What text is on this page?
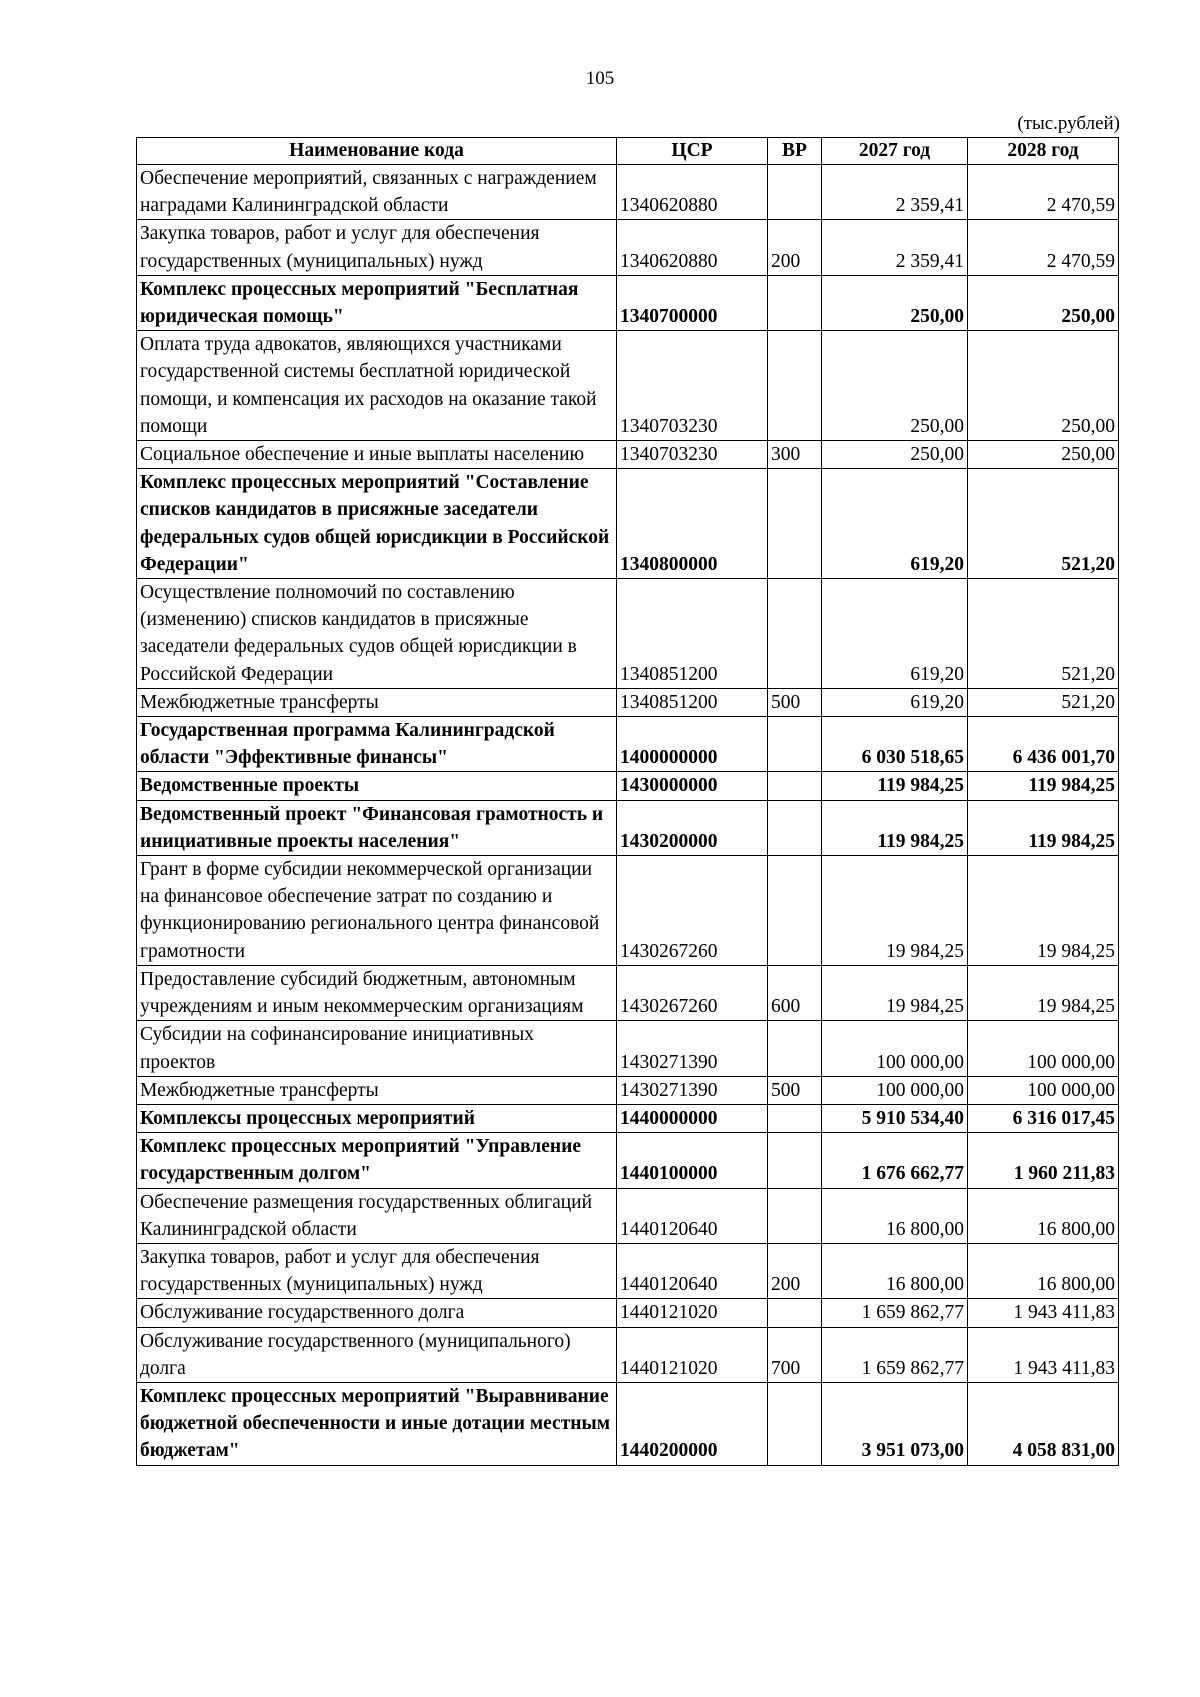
105
(тыс.рублей)
Наименование кода	ЦСР	ВР	2027 год	2028 год
Обеспечение мероприятий, связанных с награждением наградами Калининградской области	1340620880		2 359,41	2 470,59
Закупка товаров, работ и услуг для обеспечения государственных (муниципальных) нужд	1340620880	200	2 359,41	2 470,59
Комплекс процессных мероприятий "Бесплатная юридическая помощь"	1340700000		250,00	250,00
Оплата труда адвокатов, являющихся участниками государственной системы бесплатной юридической помощи, и компенсация их расходов на оказание такой помощи	1340703230		250,00	250,00
Социальное обеспечение и иные выплаты населению	1340703230	300	250,00	250,00
Комплекс процессных мероприятий "Составление списков кандидатов в присяжные заседатели федеральных судов общей юрисдикции в Российской Федерации"	1340800000		619,20	521,20
Осуществление полномочий по составлению (изменению) списков кандидатов в присяжные заседатели федеральных судов общей юрисдикции в Российской Федерации	1340851200		619,20	521,20
Межбюджетные трансферты	1340851200	500	619,20	521,20
Государственная программа Калининградской области "Эффективные финансы"	1400000000		6 030 518,65	6 436 001,70
Ведомственные проекты	1430000000		119 984,25	119 984,25
Ведомственный проект "Финансовая грамотность и инициативные проекты населения"	1430200000		119 984,25	119 984,25
Грант в форме субсидии некоммерческой организации на финансовое обеспечение затрат по созданию и функционированию регионального центра финансовой грамотности	1430267260		19 984,25	19 984,25
Предоставление субсидий бюджетным, автономным учреждениям и иным некоммерческим организациям	1430267260	600	19 984,25	19 984,25
Субсидии на софинансирование инициативных проектов	1430271390		100 000,00	100 000,00
Межбюджетные трансферты	1430271390	500	100 000,00	100 000,00
Комплексы процессных мероприятий	1440000000		5 910 534,40	6 316 017,45
Комплекс процессных мероприятий "Управление государственным долгом"	1440100000		1 676 662,77	1 960 211,83
Обеспечение размещения государственных облигаций Калининградской области	1440120640		16 800,00	16 800,00
Закупка товаров, работ и услуг для обеспечения государственных (муниципальных) нужд	1440120640	200	16 800,00	16 800,00
Обслуживание государственного долга	1440121020		1 659 862,77	1 943 411,83
Обслуживание государственного (муниципального) долга	1440121020	700	1 659 862,77	1 943 411,83
Комплекс процессных мероприятий "Выравнивание бюджетной обеспеченности и иные дотации местным бюджетам"	1440200000		3 951 073,00	4 058 831,00
